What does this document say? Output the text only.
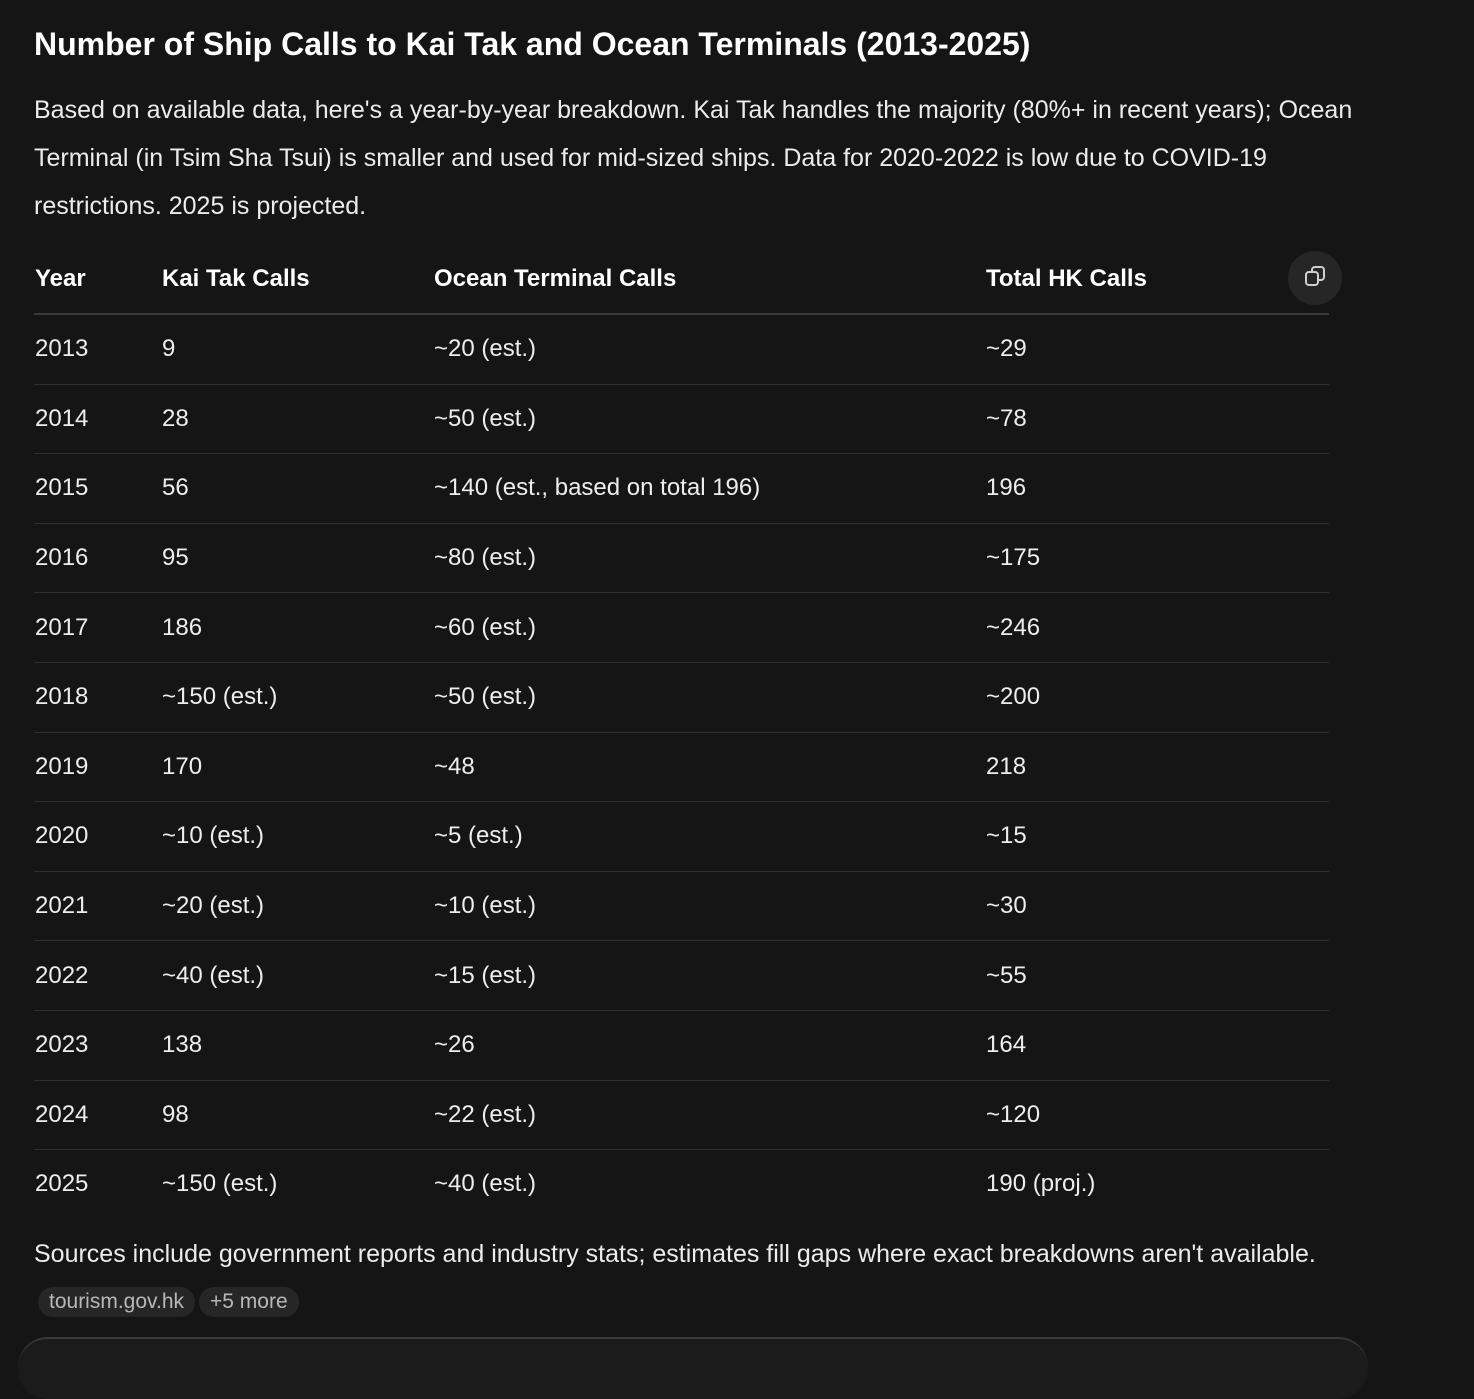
Number of Ship Calls to Kai Tak and Ocean Terminals (2013-2025)

Based on available data, here's a year-by-year breakdown. Kai Tak handles the majority (80%+ in recent years); Ocean Terminal (in Tsim Sha Tsui) is smaller and used for mid-sized ships. Data for 2020-2022 is low due to COVID-19 restrictions. 2025 is projected.

Year	Kai Tak Calls	Ocean Terminal Calls	Total HK Calls
2013	9	~20 (est.)	~29
2014	28	~50 (est.)	~78
2015	56	~140 (est., based on total 196)	196
2016	95	~80 (est.)	~175
2017	186	~60 (est.)	~246
2018	~150 (est.)	~50 (est.)	~200
2019	170	~48	218
2020	~10 (est.)	~5 (est.)	~15
2021	~20 (est.)	~10 (est.)	~30
2022	~40 (est.)	~15 (est.)	~55
2023	138	~26	164
2024	98	~22 (est.)	~120
2025	~150 (est.)	~40 (est.)	190 (proj.)

Sources include government reports and industry stats; estimates fill gaps where exact breakdowns aren't available.tourism.gov.hk +5 more
